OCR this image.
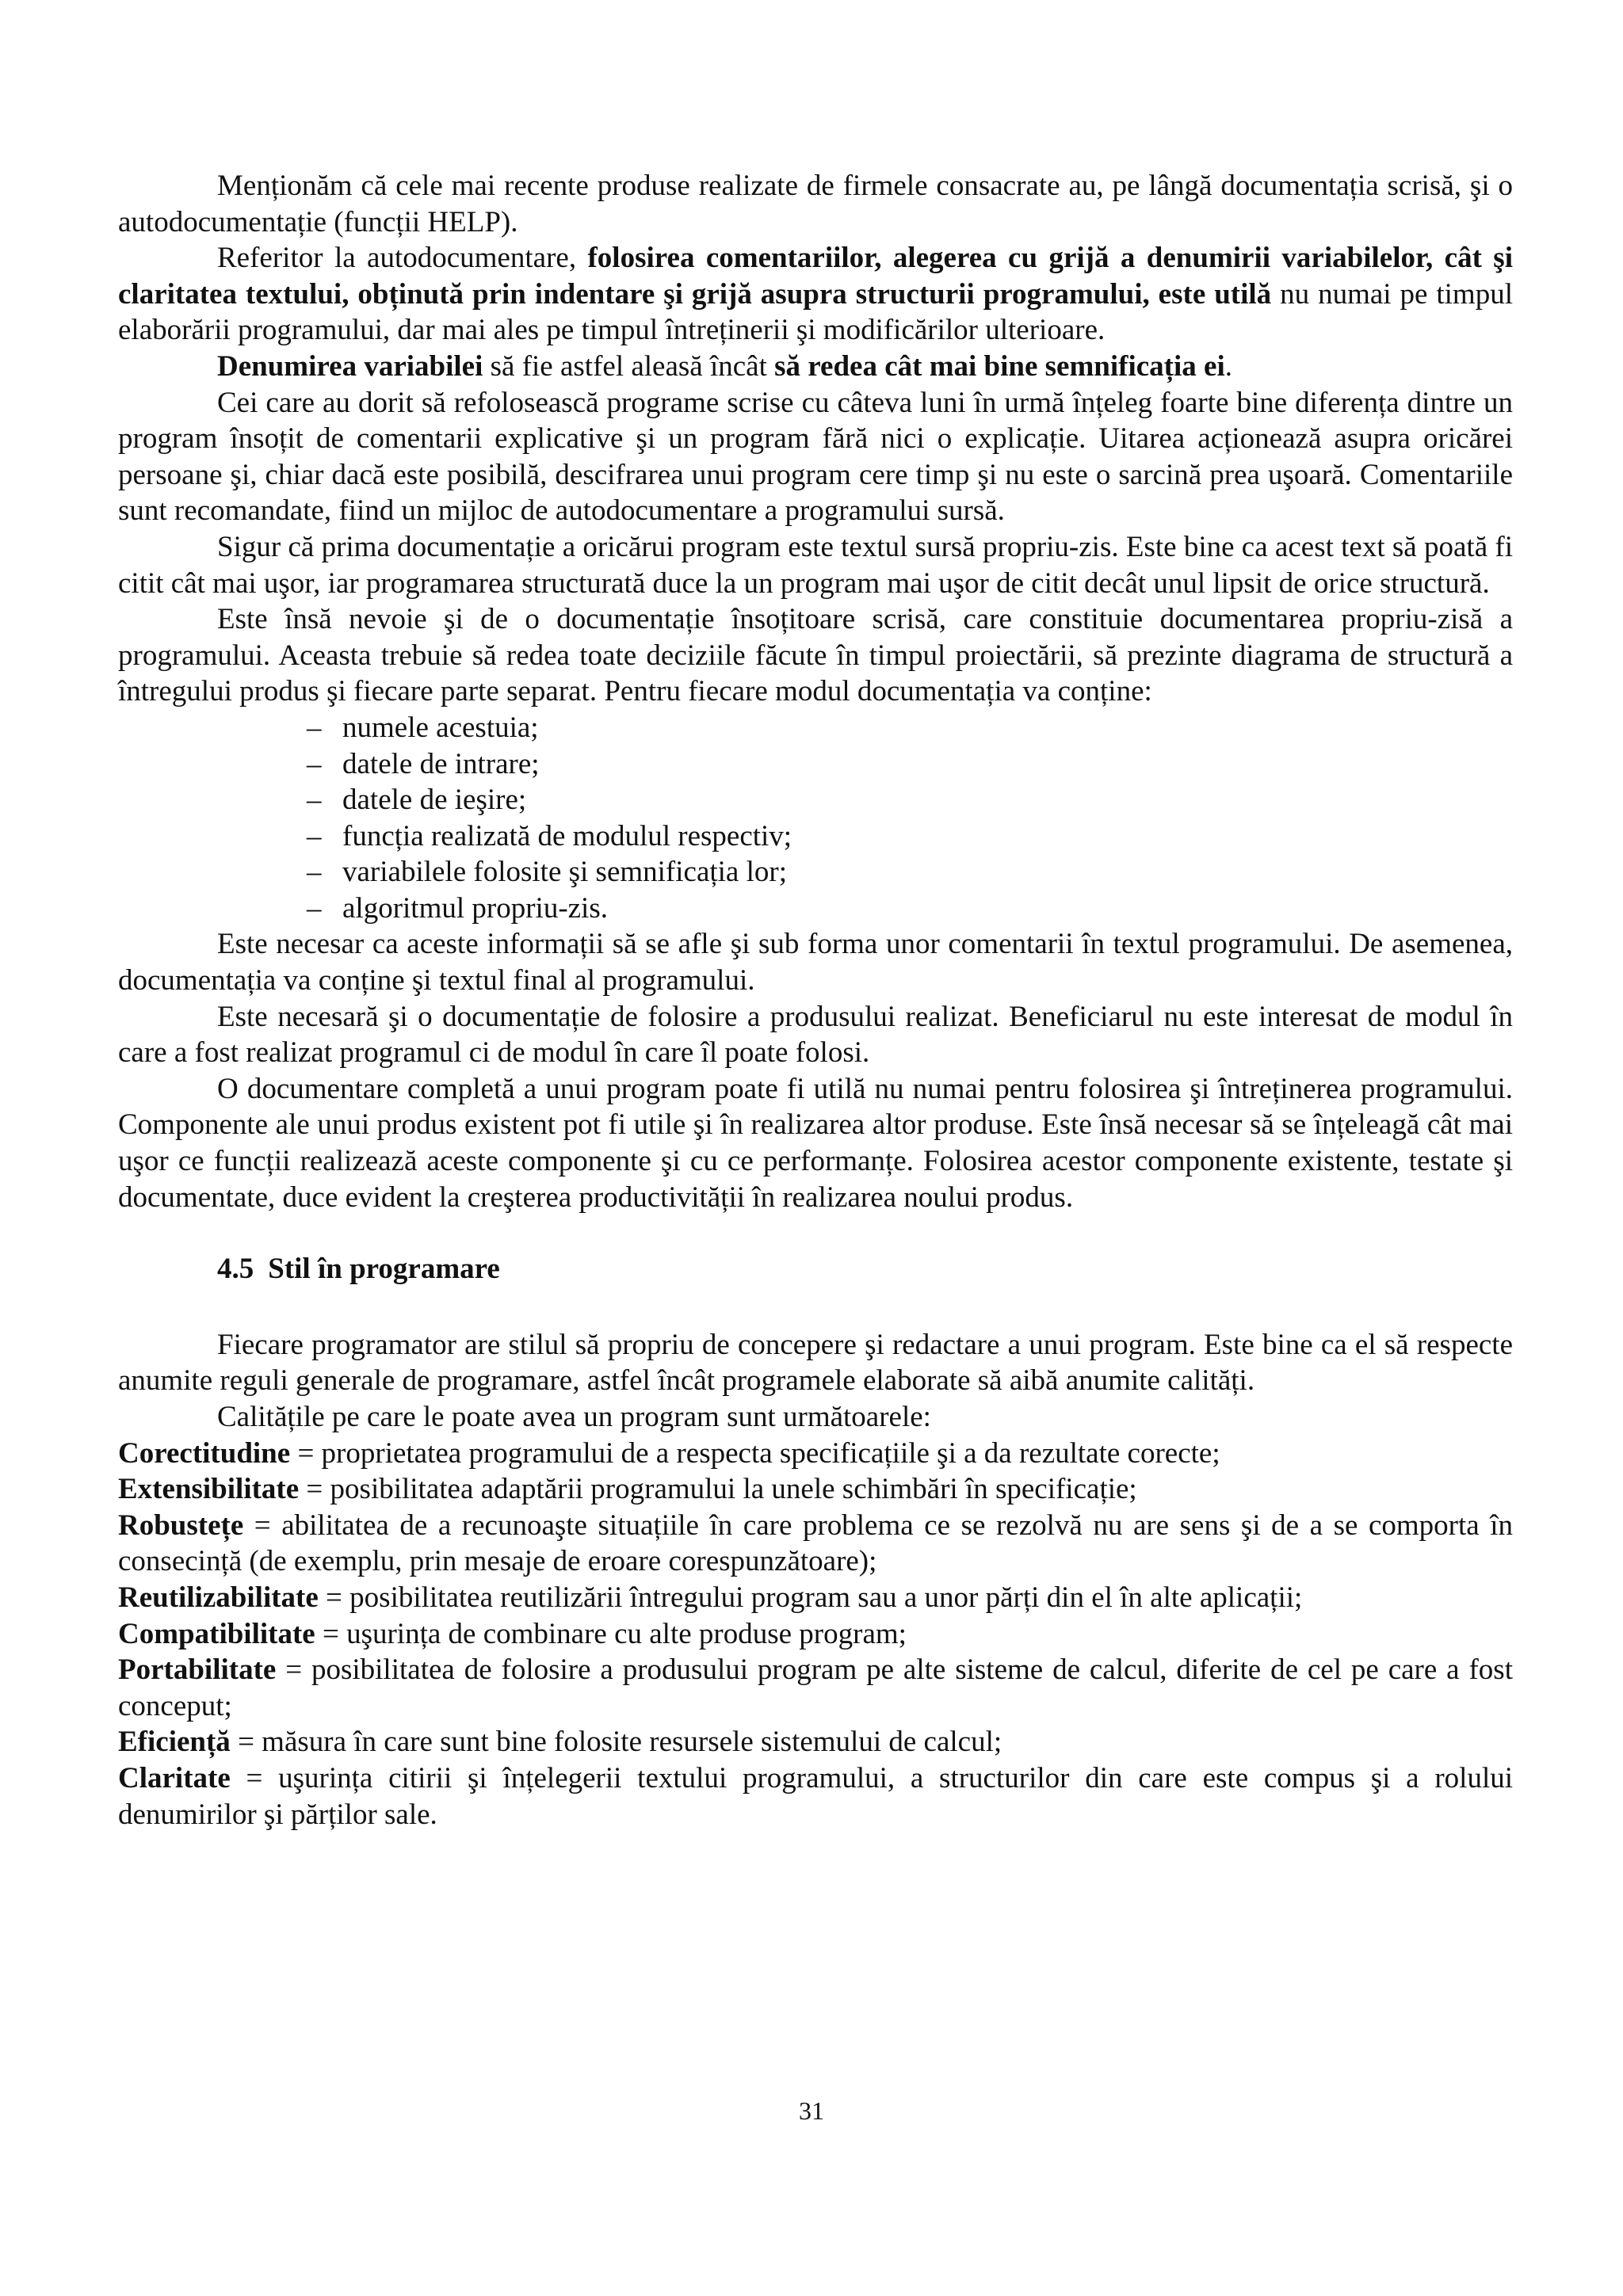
Menționăm că cele mai recente produse realizate de firmele consacrate au, pe lângă documentația scrisă, şi o autodocumentație (funcții HELP).

Referitor la autodocumentare, folosirea comentariilor, alegerea cu grijă a denumirii variabilelor, cât şi claritatea textului, obținută prin indentare şi grijă asupra structurii programului, este utilă nu numai pe timpul elaborării programului, dar mai ales pe timpul întreținerii şi modificărilor ulterioare.

Denumirea variabilei să fie astfel aleasă încât să redea cât mai bine semnificația ei.

Cei care au dorit să refolosească programe scrise cu câteva luni în urmă înțeleg foarte bine diferența dintre un program însoțit de comentarii explicative şi un program fără nici o explicație. Uitarea acționează asupra oricărei persoane şi, chiar dacă este posibilă, descifrarea unui program cere timp şi nu este o sarcină prea uşoară. Comentariile sunt recomandate, fiind un mijloc de autodocumentare a programului sursă.

Sigur că prima documentație a oricărui program este textul sursă propriu-zis. Este bine ca acest text să poată fi citit cât mai uşor, iar programarea structurată duce la un program mai uşor de citit decât unul lipsit de orice structură.

Este însă nevoie şi de o documentație însoțitoare scrisă, care constituie documentarea propriu-zisă a programului. Aceasta trebuie să redea toate deciziile făcute în timpul proiectării, să prezinte diagrama de structură a întregului produs şi fiecare parte separat. Pentru fiecare modul documentația va conține:

– numele acestuia;
– datele de intrare;
– datele de ieşire;
– funcția realizată de modulul respectiv;
– variabilele folosite şi semnificația lor;
– algoritmul propriu-zis.

Este necesar ca aceste informații să se afle şi sub forma unor comentarii în textul programului. De asemenea, documentația va conține şi textul final al programului.

Este necesară şi o documentație de folosire a produsului realizat. Beneficiarul nu este interesat de modul în care a fost realizat programul ci de modul în care îl poate folosi.

O documentare completă a unui program poate fi utilă nu numai pentru folosirea şi întreținerea programului. Componente ale unui produs existent pot fi utile şi în realizarea altor produse. Este însă necesar să se înțeleagă cât mai uşor ce funcții realizează aceste componente şi cu ce performanțe. Folosirea acestor componente existente, testate şi documentate, duce evident la creşterea productivității în realizarea noului produs.

4.5 Stil în programare

Fiecare programator are stilul să propriu de concepere şi redactare a unui program. Este bine ca el să respecte anumite reguli generale de programare, astfel încât programele elaborate să aibă anumite calități.

Calitățile pe care le poate avea un program sunt următoarele:

Corectitudine = proprietatea programului de a respecta specificațiile şi a da rezultate corecte;

Extensibilitate = posibilitatea adaptării programului la unele schimbări în specificație;

Robustețe = abilitatea de a recunoaşte situațiile în care problema ce se rezolvă nu are sens şi de a se comporta în consecință (de exemplu, prin mesaje de eroare corespunzătoare);

Reutilizabilitate = posibilitatea reutilizării întregului program sau a unor părți din el în alte aplicații;

Compatibilitate = uşurința de combinare cu alte produse program;

Portabilitate = posibilitatea de folosire a produsului program pe alte sisteme de calcul, diferite de cel pe care a fost conceput;

Eficiență = măsura în care sunt bine folosite resursele sistemului de calcul;

Claritate = uşurința citirii şi înțelegerii textului programului, a structurilor din care este compus şi a rolului denumirilor şi părților sale.

31
